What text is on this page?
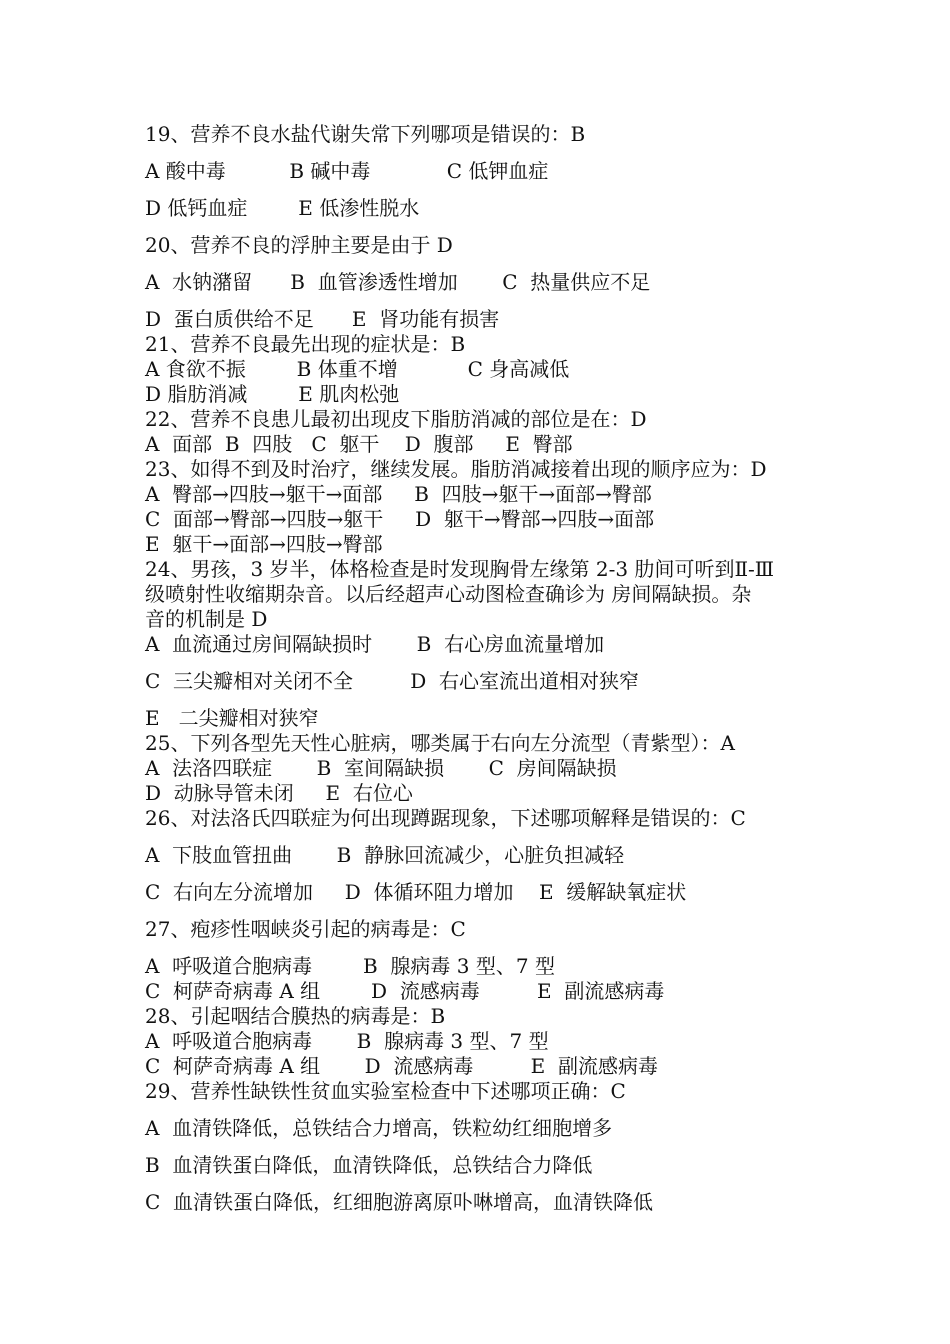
19、营养不良水盐代谢失常下列哪项是错误的：B
A 酸中毒          B 碱中毒            C 低钾血症
D 低钙血症        E 低渗性脱水
20、营养不良的浮肿主要是由于 D
A  水钠潴留      B  血管渗透性增加       C  热量供应不足
D  蛋白质供给不足      E  肾功能有损害
21、营养不良最先出现的症状是：B
A 食欲不振        B 体重不增           C 身高减低
D 脂肪消减        E 肌肉松弛
22、营养不良患儿最初出现皮下脂肪消减的部位是在：D
A  面部  B  四肢   C  躯干    D  腹部     E  臀部
23、如得不到及时治疗，继续发展。脂肪消减接着出现的顺序应为：D
A  臀部→四肢→躯干→面部     B  四肢→躯干→面部→臀部
C  面部→臀部→四肢→躯干     D  躯干→臀部→四肢→面部
E  躯干→面部→四肢→臀部
24、男孩，3 岁半，体格检查是时发现胸骨左缘第 2-3 肋间可听到Ⅱ-Ⅲ
级喷射性收缩期杂音。以后经超声心动图检查确诊为 房间隔缺损。杂
音的机制是 D
A  血流通过房间隔缺损时       B  右心房血流量增加
C  三尖瓣相对关闭不全         D  右心室流出道相对狭窄
E   二尖瓣相对狭窄
25、下列各型先天性心脏病，哪类属于右向左分流型（青紫型）：A
A  法洛四联症       B  室间隔缺损       C  房间隔缺损
D  动脉导管未闭     E  右位心
26、对法洛氏四联症为何出现蹲踞现象，下述哪项解释是错误的：C
A  下肢血管扭曲       B  静脉回流减少，心脏负担减轻
C  右向左分流增加     D  体循环阻力增加    E  缓解缺氧症状
27、疱疹性咽峡炎引起的病毒是：C
A  呼吸道合胞病毒        B  腺病毒 3 型、7 型
C  柯萨奇病毒 A 组        D  流感病毒         E  副流感病毒
28、引起咽结合膜热的病毒是：B
A  呼吸道合胞病毒       B  腺病毒 3 型、7 型
C  柯萨奇病毒 A 组       D  流感病毒         E  副流感病毒
29、营养性缺铁性贫血实验室检查中下述哪项正确：C
A  血清铁降低，总铁结合力增高，铁粒幼红细胞增多
B  血清铁蛋白降低，血清铁降低，总铁结合力降低
C  血清铁蛋白降低，红细胞游离原卟啉增高，血清铁降低
